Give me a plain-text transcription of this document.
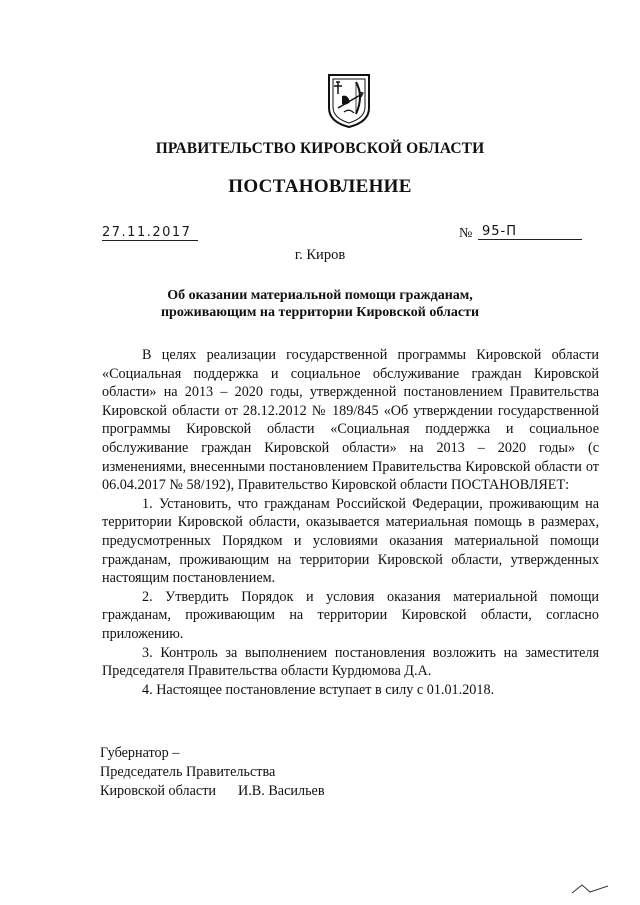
ПРАВИТЕЛЬСТВО КИРОВСКОЙ ОБЛАСТИ
ПОСТАНОВЛЕНИЕ
27.11.2017	№ 95-П
г. Киров
Об оказании материальной помощи гражданам,
проживающим на территории Кировской области

В целях реализации государственной программы Кировской области «Социальная поддержка и социальное обслуживание граждан Кировской области» на 2013 – 2020 годы, утвержденной постановлением Правительства Кировской области от 28.12.2012 № 189/845 «Об утверждении государственной программы Кировской области «Социальная поддержка и социальное обслуживание граждан Кировской области» на 2013 – 2020 годы» (с изменениями, внесенными постановлением Правительства Кировской области от 06.04.2017 № 58/192), Правительство Кировской области ПОСТАНОВЛЯЕТ:

1. Установить, что гражданам Российской Федерации, проживающим на территории Кировской области, оказывается материальная помощь в размерах, предусмотренных Порядком и условиями оказания материальной помощи гражданам, проживающим на территории Кировской области, утвержденных настоящим постановлением.

2. Утвердить Порядок и условия оказания материальной помощи гражданам, проживающим на территории Кировской области, согласно приложению.

3. Контроль за выполнением постановления возложить на заместителя Председателя Правительства области Курдюмова Д.А.

4. Настоящее постановление вступает в силу с 01.01.2018.

Губернатор –
Председатель Правительства
Кировской области И.В. Васильев
